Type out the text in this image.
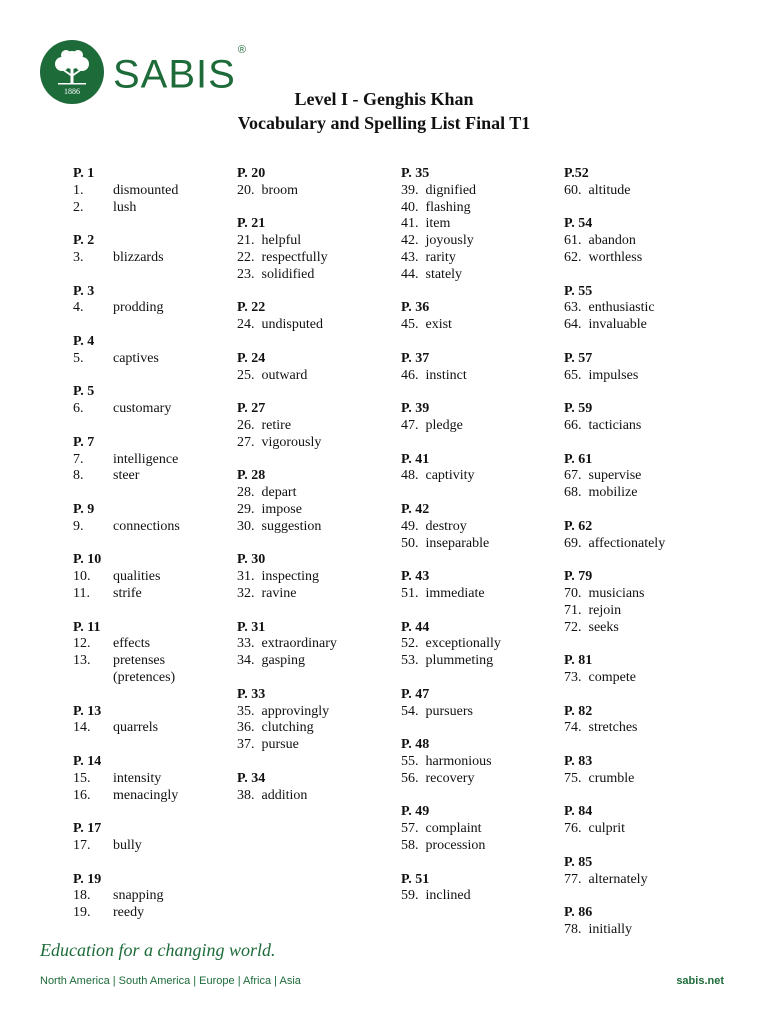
1886 SABIS®
Level I - Genghis Khan
Vocabulary and Spelling List Final T1
P. 1
1. dismounted
2. lush
P. 2
3. blizzards
P. 3
4. prodding
P. 4
5. captives
P. 5
6. customary
P. 7
7. intelligence
8. steer
P. 9
9. connections
P. 10
10. qualities
11. strife
P. 11
12. effects
13. pretenses
(pretences)
P. 13
14. quarrels
P. 14
15. intensity
16. menacingly
P. 17
17. bully
P. 19
18. snapping
19. reedy
P. 20
20. broom
P. 21
21. helpful
22. respectfully
23. solidified
P. 22
24. undisputed
P. 24
25. outward
P. 27
26. retire
27. vigorously
P. 28
28. depart
29. impose
30. suggestion
P. 30
31. inspecting
32. ravine
P. 31
33. extraordinary
34. gasping
P. 33
35. approvingly
36. clutching
37. pursue
P. 34
38. addition
P. 35
39. dignified
40. flashing
41. item
42. joyously
43. rarity
44. stately
P. 36
45. exist
P. 37
46. instinct
P. 39
47. pledge
P. 41
48. captivity
P. 42
49. destroy
50. inseparable
P. 43
51. immediate
P. 44
52. exceptionally
53. plummeting
P. 47
54. pursuers
P. 48
55. harmonious
56. recovery
P. 49
57. complaint
58. procession
P. 51
59. inclined
P.52
60. altitude
P. 54
61. abandon
62. worthless
P. 55
63. enthusiastic
64. invaluable
P. 57
65. impulses
P. 59
66. tacticians
P. 61
67. supervise
68. mobilize
P. 62
69. affectionately
P. 79
70. musicians
71. rejoin
72. seeks
P. 81
73. compete
P. 82
74. stretches
P. 83
75. crumble
P. 84
76. culprit
P. 85
77. alternately
P. 86
78. initially
Education for a changing world.
North America | South America | Europe | Africa | Asia	sabis.net
